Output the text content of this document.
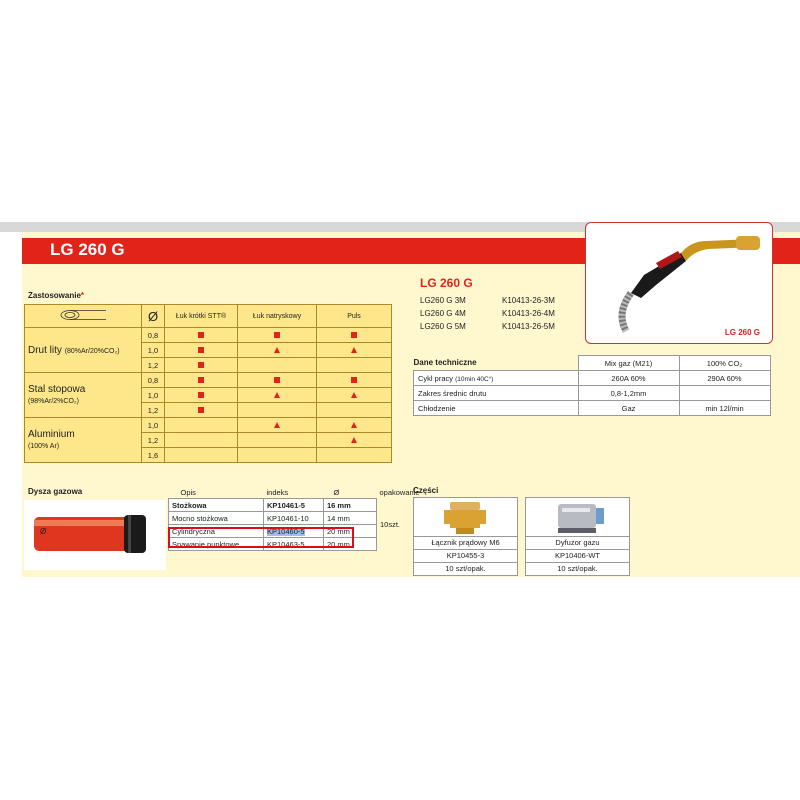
LG 260 G
LG 260 G
Zastosowanie*
	Ø	Łuk krótki STT®	Łuk natryskowy	Puls
Drut lity (80%Ar/20%CO₂)	0,8			
	1,0			
	1,2			
Stal stopowa
(98%Ar/2%CO₂)	0,8			
	1,0			
	1,2			
Aluminium
(100% Ar)	1,0			
	1,2			
	1,6			
LG 260 G
LG260 G 3M	K10413-26-3M
LG260 G 4M	K10413-26-4M
LG260 G 5M	K10413-26-5M
Dane techniczne	Mix gaz (M21)	100% CO₂
Cykl pracy (10min 40C°)	260A 60%	290A 60%
Zakres średnic drutu	0,8-1,2mm	
Chłodzenie	Gaz	min 12l/min
Dysza gazowa
Ø
Opis	indeks	Ø	opakowanie
Stożkowa	KP10461-5	16 mm	10szt.
Mocno stożkowa	KP10461-10	14 mm	
Cylindryczna	KP10460-5	20 mm	
Spawanie punktowe	KP10463-5	20 mm	
Części
Łącznik prądowy M6
KP10455-3
10 szt/opak.
Dyfuzor gazu
KP10406-WT
10 szt/opak.
